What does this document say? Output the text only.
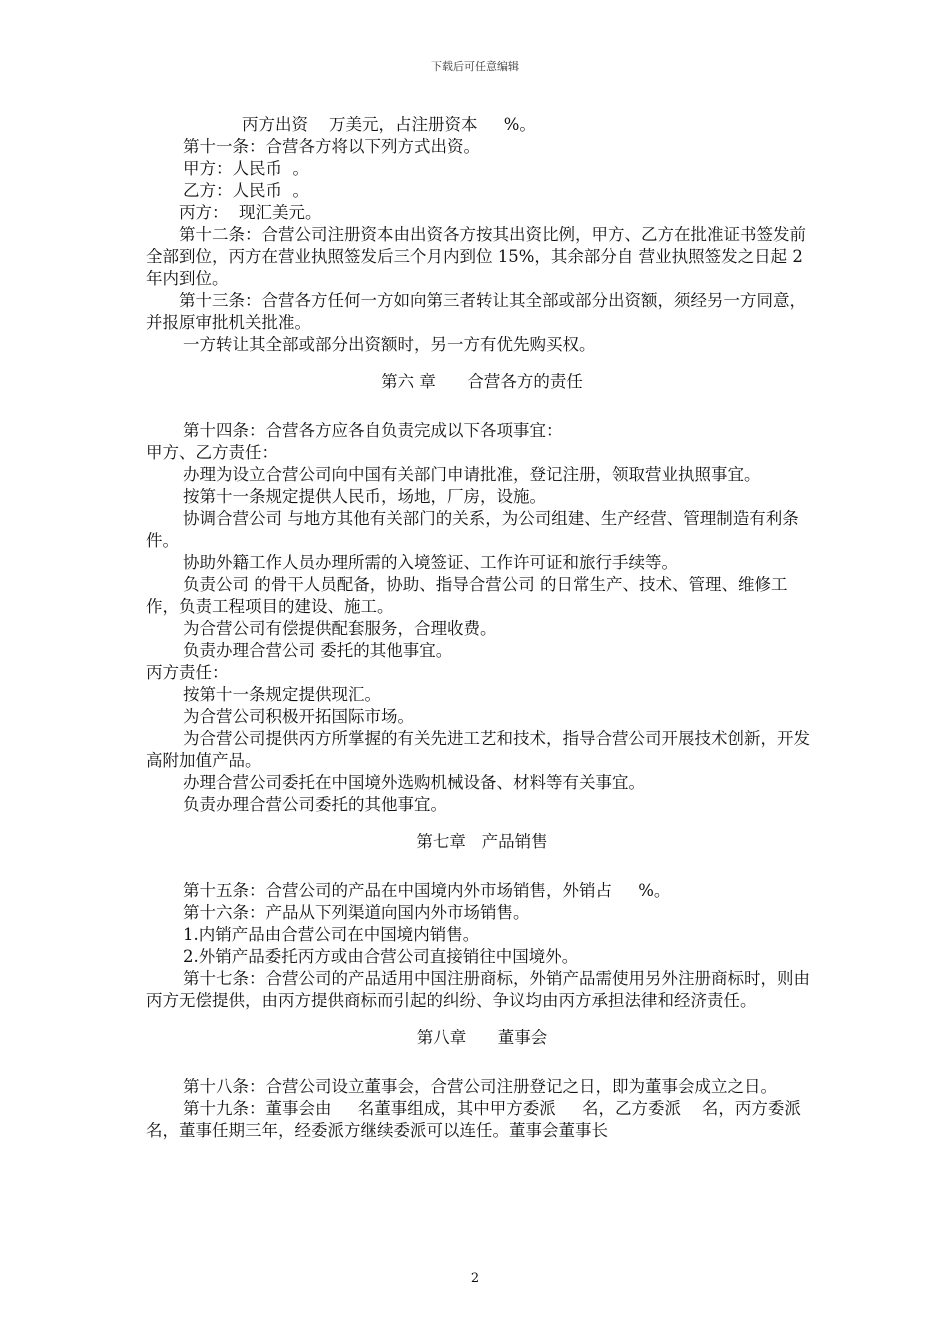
下载后可任意编辑

丙方出资    万美元，占注册资本     %。

第十一条：合营各方将以下列方式出资。

甲方：人民币  。

乙方：人民币  。

丙方：  现汇美元。

第十二条：合营公司注册资本由出资各方按其出资比例，甲方、乙方在批准证书签发前全部到位，丙方在营业执照签发后三个月内到位 15%，其余部分自 营业执照签发之日起 2 年内到位。

第十三条：合营各方任何一方如向第三者转让其全部或部分出资额，须经另一方同意，并报原审批机关批准。

一方转让其全部或部分出资额时，另一方有优先购买权。

第六 章      合营各方的责任

第十四条：合营各方应各自负责完成以下各项事宜：

甲方、乙方责任：

办理为设立合营公司向中国有关部门申请批准，登记注册，领取营业执照事宜。

按第十一条规定提供人民币，场地，厂房，设施。

协调合营公司 与地方其他有关部门的关系，为公司组建、生产经营、管理制造有利条件。

协助外籍工作人员办理所需的入境签证、工作许可证和旅行手续等。

负责公司 的骨干人员配备，协助、指导合营公司 的日常生产、技术、管理、维修工作，负责工程项目的建设、施工。

为合营公司有偿提供配套服务，合理收费。

负责办理合营公司 委托的其他事宜。

丙方责任：

按第十一条规定提供现汇。

为合营公司积极开拓国际市场。

为合营公司提供丙方所掌握的有关先进工艺和技术，指导合营公司开展技术创新，开发高附加值产品。

办理合营公司委托在中国境外选购机械设备、材料等有关事宜。

负责办理合营公司委托的其他事宜。

第七章   产品销售

第十五条：合营公司的产品在中国境内外市场销售，外销占     %。

第十六条：产品从下列渠道向国内外市场销售。

1.内销产品由合营公司在中国境内销售。

2.外销产品委托丙方或由合营公司直接销往中国境外。

第十七条：合营公司的产品适用中国注册商标，外销产品需使用另外注册商标时，则由丙方无偿提供，由丙方提供商标而引起的纠纷、争议均由丙方承担法律和经济责任。

第八章      董事会

第十八条：合营公司设立董事会，合营公司注册登记之日，即为董事会成立之日。

第十九条：董事会由     名董事组成，其中甲方委派     名，乙方委派    名，丙方委派      名，董事任期三年，经委派方继续委派可以连任。董事会董事长

2
